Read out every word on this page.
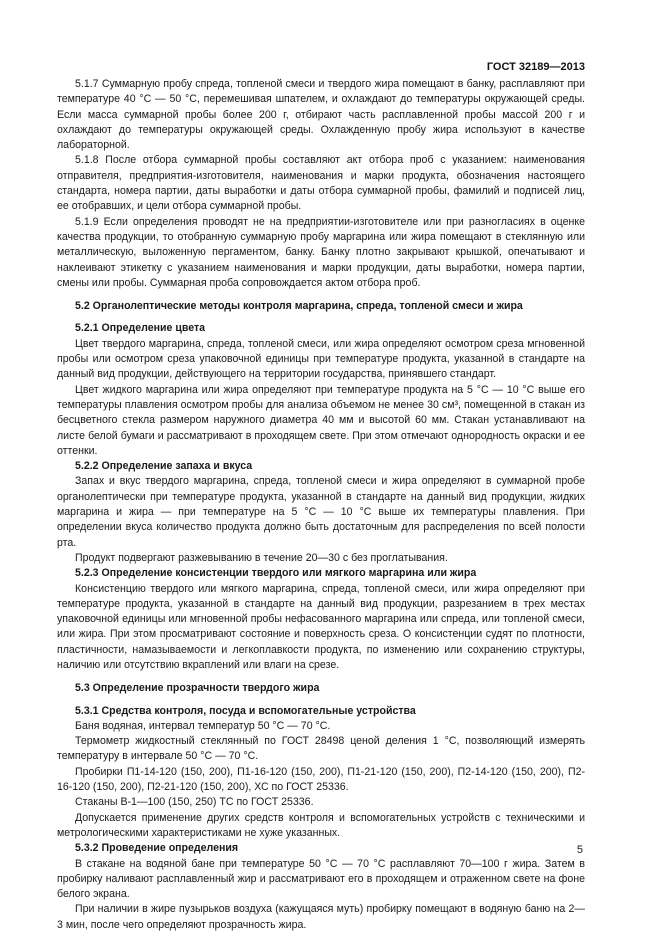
ГОСТ 32189—2013

5.1.7 Суммарную пробу спреда, топленой смеси и твердого жира помещают в банку, расплавляют при температуре 40 °С — 50 °С, перемешивая шпателем, и охлаждают до температуры окружающей среды. Если масса суммарной пробы более 200 г, отбирают часть расплавленной пробы массой 200 г и охлаждают до температуры окружающей среды. Охлажденную пробу жира используют в качестве лабораторной.

5.1.8 После отбора суммарной пробы составляют акт отбора проб с указанием: наименования отправителя, предприятия-изготовителя, наименования и марки продукта, обозначения настоящего стандарта, номера партии, даты выработки и даты отбора суммарной пробы, фамилий и подписей лиц, ее отобравших, и цели отбора суммарной пробы.

5.1.9 Если определения проводят не на предприятии-изготовителе или при разногласиях в оценке качества продукции, то отобранную суммарную пробу маргарина или жира помещают в стеклянную или металлическую, выложенную пергаментом, банку. Банку плотно закрывают крышкой, опечатывают и наклеивают этикетку с указанием наименования и марки продукции, даты выработки, номера партии, смены или пробы. Суммарная проба сопровождается актом отбора проб.

5.2 Органолептические методы контроля маргарина, спреда, топленой смеси и жира
5.2.1 Определение цвета

Цвет твердого маргарина, спреда, топленой смеси, или жира определяют осмотром среза мгновенной пробы или осмотром среза упаковочной единицы при температуре продукта, указанной в стандарте на данный вид продукции, действующего на территории государства, принявшего стандарт.

Цвет жидкого маргарина или жира определяют при температуре продукта на 5 °С — 10 °С выше его температуры плавления осмотром пробы для анализа объемом не менее 30 см³, помещенной в стакан из бесцветного стекла размером наружного диаметра 40 мм и высотой 60 мм. Стакан устанавливают на листе белой бумаги и рассматривают в проходящем свете. При этом отмечают однородность окраски и ее оттенки.

5.2.2 Определение запаха и вкуса

Запах и вкус твердого маргарина, спреда, топленой смеси и жира определяют в суммарной пробе органолептически при температуре продукта, указанной в стандарте на данный вид продукции, жидких маргарина и жира — при температуре на 5 °С — 10 °С выше их температуры плавления. При определении вкуса количество продукта должно быть достаточным для распределения по всей полости рта.

Продукт подвергают разжевыванию в течение 20—30 с без проглатывания.

5.2.3 Определение консистенции твердого или мягкого маргарина или жира

Консистенцию твердого или мягкого маргарина, спреда, топленой смеси, или жира определяют при температуре продукта, указанной в стандарте на данный вид продукции, разрезанием в трех местах упаковочной единицы или мгновенной пробы нефасованного маргарина или спреда, или топленой смеси, или жира. При этом просматривают состояние и поверхность среза. О консистенции судят по плотности, пластичности, намазываемости и легкоплавкости продукта, по изменению или сохранению структуры, наличию или отсутствию вкраплений или влаги на срезе.

5.3 Определение прозрачности твердого жира
5.3.1 Средства контроля, посуда и вспомогательные устройства

Баня водяная, интервал температур 50 °С — 70 °С.

Термометр жидкостный стеклянный по ГОСТ 28498 ценой деления 1 °С, позволяющий измерять температуру в интервале 50 °С — 70 °С.

Пробирки П1-14-120 (150, 200), П1-16-120 (150, 200), П1-21-120 (150, 200), П2-14-120 (150, 200), П2-16-120 (150, 200), П2-21-120 (150, 200), ХС по ГОСТ 25336.

Стаканы В-1—100 (150, 250) ТС по ГОСТ 25336.

Допускается применение других средств контроля и вспомогательных устройств с техническими и метрологическими характеристиками не хуже указанных.

5.3.2 Проведение определения

В стакане на водяной бане при температуре 50 °С — 70 °С расплавляют 70—100 г жира. Затем в пробирку наливают расплавленный жир и рассматривают его в проходящем и отраженном свете на фоне белого экрана.

При наличии в жире пузырьков воздуха (кажущаяся муть) пробирку помещают в водяную баню на 2—3 мин, после чего определяют прозрачность жира.

5
